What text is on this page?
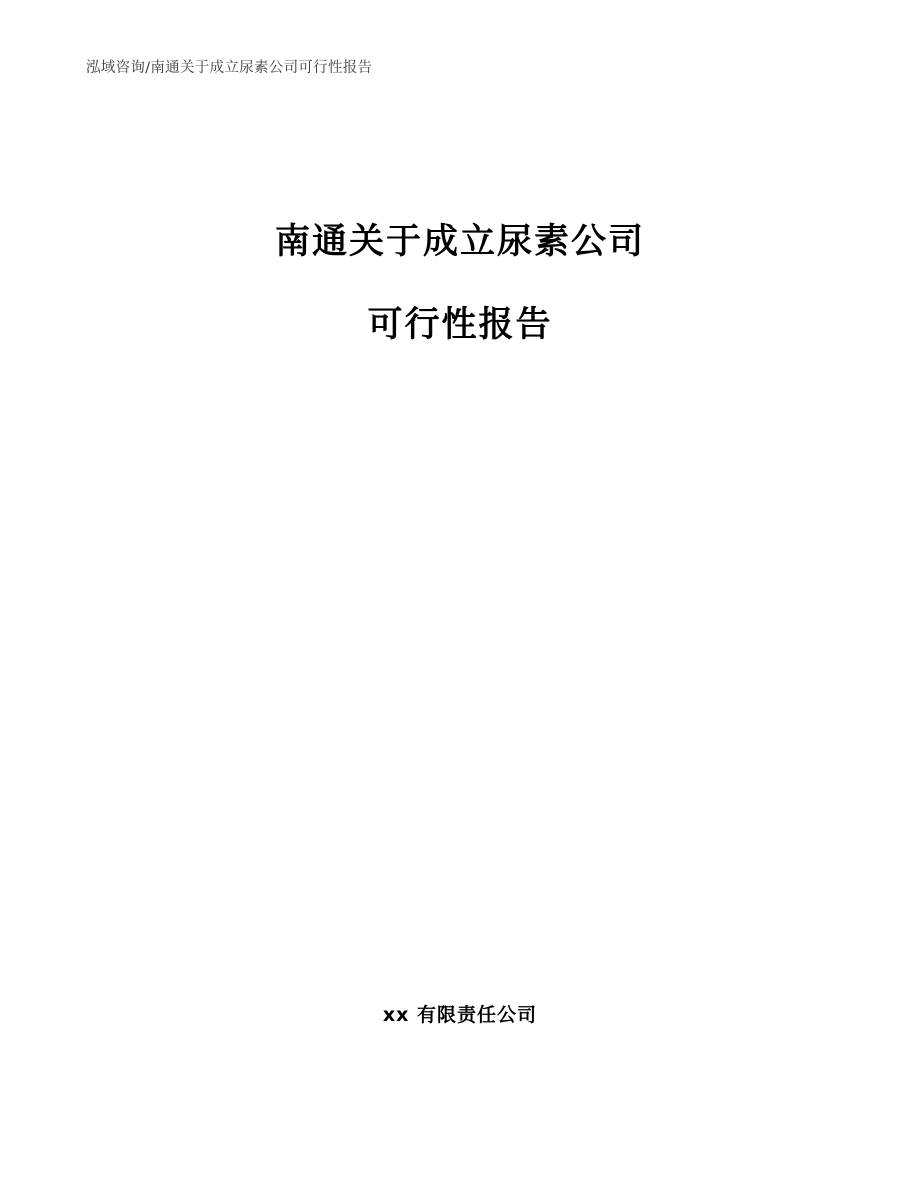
泓域咨询/南通关于成立尿素公司可行性报告
南通关于成立尿素公司
可行性报告
xx 有限责任公司
